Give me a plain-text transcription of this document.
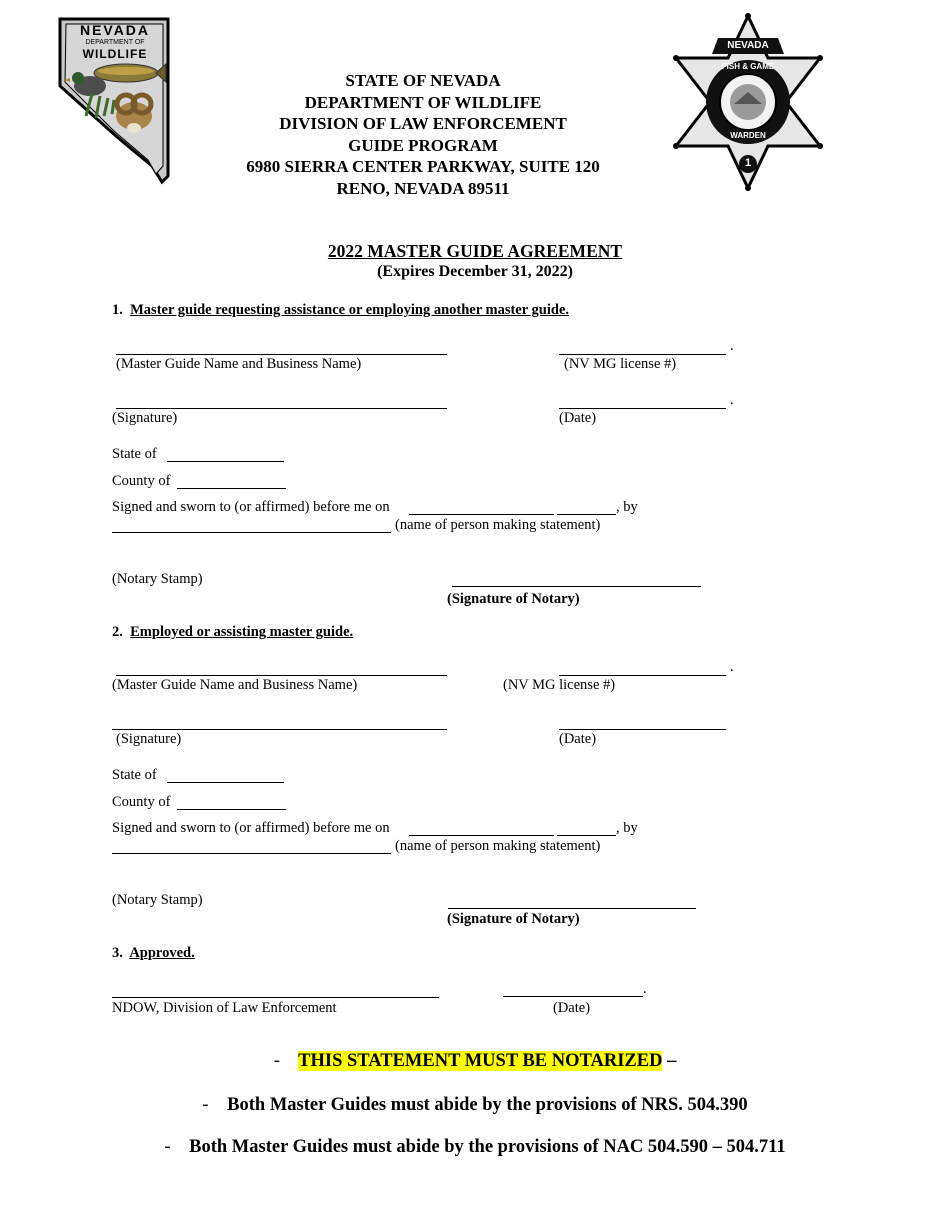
NEVADA
DEPARTMENT OF
WILDLIFE
NEVADA
FISH & GAME
WARDEN
1
STATE OF NEVADA
DEPARTMENT OF WILDLIFE
DIVISION OF LAW ENFORCEMENT
GUIDE PROGRAM
6980 SIERRA CENTER PARKWAY, SUITE 120
RENO, NEVADA 89511
2022 MASTER GUIDE AGREEMENT
(Expires December 31, 2022)
1. Master guide requesting assistance or employing another master guide.
.
(Master Guide Name and Business Name)	(NV MG license #)
.
(Signature)	(Date)
State of
County of
Signed and sworn to (or affirmed) before me on	, by
(name of person making statement)
(Notary Stamp)
(Signature of Notary)
2. Employed or assisting master guide.
.
(Master Guide Name and Business Name)	(NV MG license #)
(Signature)	(Date)
State of
County of
Signed and sworn to (or affirmed) before me on	, by
(name of person making statement)
(Notary Stamp)
(Signature of Notary)
3. Approved.
.
NDOW, Division of Law Enforcement	(Date)
- THIS STATEMENT MUST BE NOTARIZED –
- Both Master Guides must abide by the provisions of NRS. 504.390
- Both Master Guides must abide by the provisions of NAC 504.590 – 504.711
